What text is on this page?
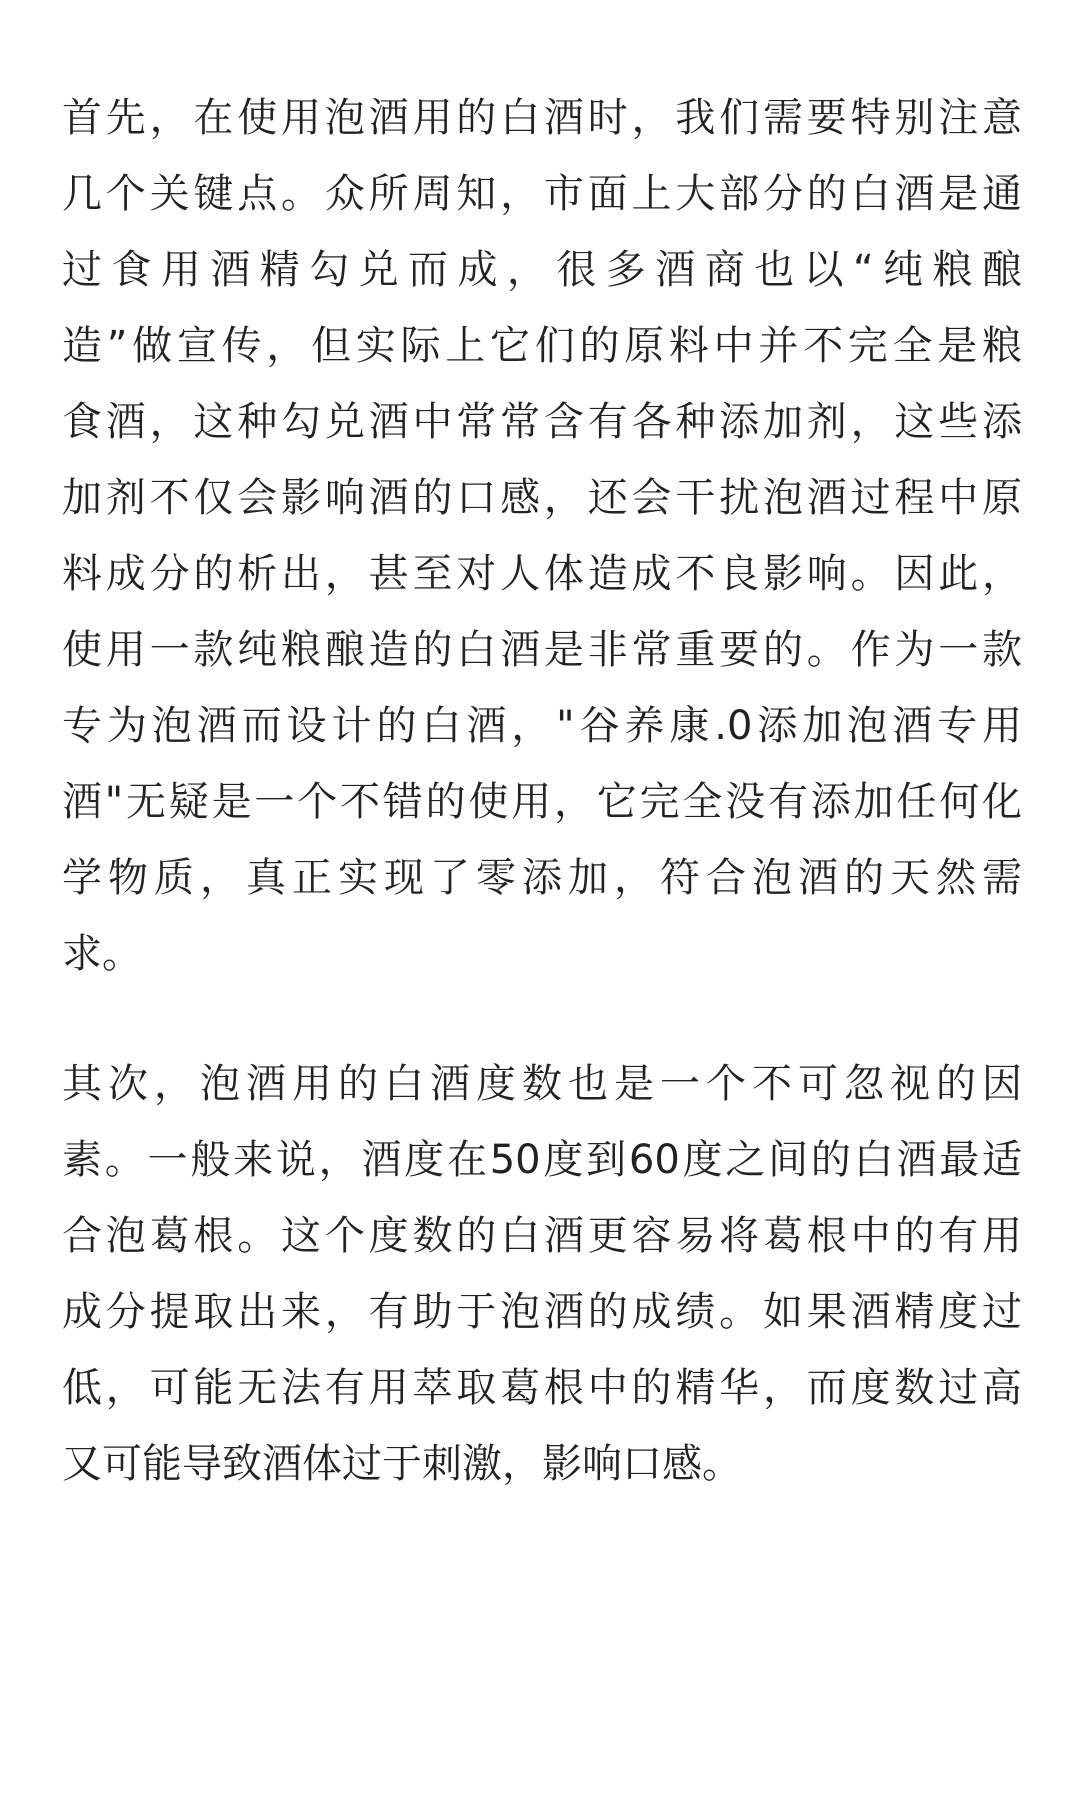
首先，在使用泡酒用的白酒时，我们需要特别注意
几个关键点。众所周知，市面上大部分的白酒是通
过食用酒精勾兑而成，很多酒商也以“纯粮酿
造”做宣传，但实际上它们的原料中并不完全是粮
食酒，这种勾兑酒中常常含有各种添加剂，这些添
加剂不仅会影响酒的口感，还会干扰泡酒过程中原
料成分的析出，甚至对人体造成不良影响。因此，
使用一款纯粮酿造的白酒是非常重要的。作为一款
专为泡酒而设计的白酒，"谷养康.0添加泡酒专用
酒"无疑是一个不错的使用，它完全没有添加任何化
学物质，真正实现了零添加，符合泡酒的天然需
求。
其次，泡酒用的白酒度数也是一个不可忽视的因
素。一般来说，酒度在50度到60度之间的白酒最适
合泡葛根。这个度数的白酒更容易将葛根中的有用
成分提取出来，有助于泡酒的成绩。如果酒精度过
低，可能无法有用萃取葛根中的精华，而度数过高
又可能导致酒体过于刺激，影响口感。
